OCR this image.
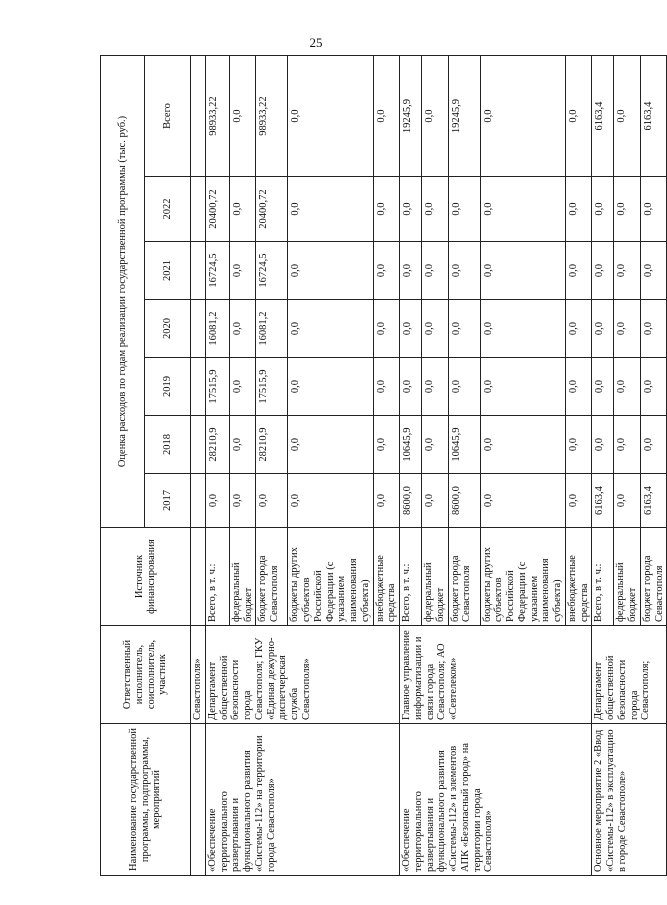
25
Наименование государственной программы, подпрограммы, мероприятий	Ответственный исполнитель, соисполнитель, участник	Источник финансирования	Оценка расходов по годам реализации государственной программы (тыс. руб.)						
			2017	2018	2019	2020	2021	2022	Всего
	Севастополя»								
«Обеспечение территориального развертывания и функционального развития «Системы-112» на территории города Севастополя»	Департамент общественной безопасности города Севастополя; ГКУ «Единая дежурно-диспетчерская служба Севастополя»	Всего, в т. ч.:	0,0	28210,9	17515,9	16081,2	16724,5	20400,72	98933,22
		федеральный бюджет	0,0	0,0	0,0	0,0	0,0	0,0	0,0
		бюджет города Севастополя	0,0	28210,9	17515,9	16081,2	16724,5	20400,72	98933,22
		бюджеты других субъектов Российской Федерации (с указанием наименования субъекта)	0,0	0,0	0,0	0,0	0,0	0,0	0,0
		внебюджетные средства	0,0	0,0	0,0	0,0	0,0	0,0	0,0
«Обеспечение территориального развертывания и функционального развития «Системы-112» и элементов АПК «Безопасный город» на территории города Севастополя»	Главное управление информатизации и связи города Севастополя; АО «Севтелеком»	Всего, в т. ч.:	8600,0	10645,9	0,0	0,0	0,0	0,0	19245,9
		федеральный бюджет	0,0	0,0	0,0	0,0	0,0	0,0	0,0
		бюджет города Севастополя	8600,0	10645,9	0,0	0,0	0,0	0,0	19245,9
		бюджеты других субъектов Российской Федерации (с указанием наименования субъекта)	0,0	0,0	0,0	0,0	0,0	0,0	0,0
		внебюджетные средства	0,0	0,0	0,0	0,0	0,0	0,0	0,0
Основное мероприятие 2 «Ввод «Системы-112» в эксплуатацию в городе Севастополе»	Департамент общественной безопасности города Севастополя;	Всего, в т. ч.:	6163,4	0,0	0,0	0,0	0,0	0,0	6163,4
		федеральный бюджет	0,0	0,0	0,0	0,0	0,0	0,0	0,0
		бюджет города Севастополя	6163,4	0,0	0,0	0,0	0,0	0,0	6163,4
